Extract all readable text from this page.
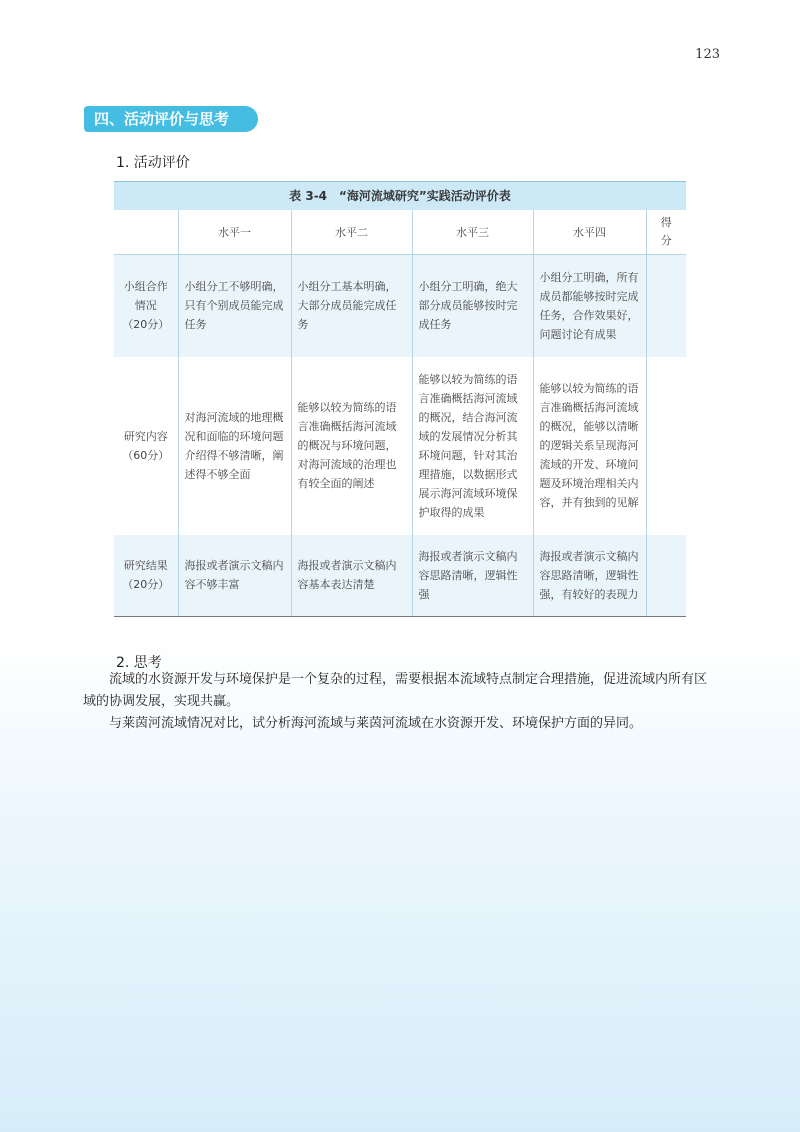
123
四、活动评价与思考
1. 活动评价
表 3-4　“海河流域研究”实践活动评价表
	水平一	水平二	水平三	水平四	得
分
小组合作
情况
（20分）	小组分工不够明确，只有个别成员能完成任务	小组分工基本明确，大部分成员能完成任务	小组分工明确，绝大部分成员能够按时完成任务	小组分工明确，所有成员都能够按时完成任务，合作效果好，问题讨论有成果	
研究内容
（60分）	对海河流域的地理概况和面临的环境问题介绍得不够清晰，阐述得不够全面	能够以较为简练的语言准确概括海河流域的概况与环境问题，对海河流域的治理也有较全面的阐述	能够以较为简练的语言准确概括海河流域的概况，结合海河流域的发展情况分析其环境问题，针对其治理措施，以数据形式展示海河流域环境保护取得的成果	能够以较为简练的语言准确概括海河流域的概况，能够以清晰的逻辑关系呈现海河流域的开发、环境问题及环境治理相关内容，并有独到的见解	
研究结果
（20分）	海报或者演示文稿内容不够丰富	海报或者演示文稿内容基本表达清楚	海报或者演示文稿内容思路清晰，逻辑性强	海报或者演示文稿内容思路清晰，逻辑性强，有较好的表现力	
2. 思考

流域的水资源开发与环境保护是一个复杂的过程，需要根据本流域特点制定合理措施，促进流域内所有区域的协调发展，实现共赢。

与莱茵河流域情况对比，试分析海河流域与莱茵河流域在水资源开发、环境保护方面的异同。
